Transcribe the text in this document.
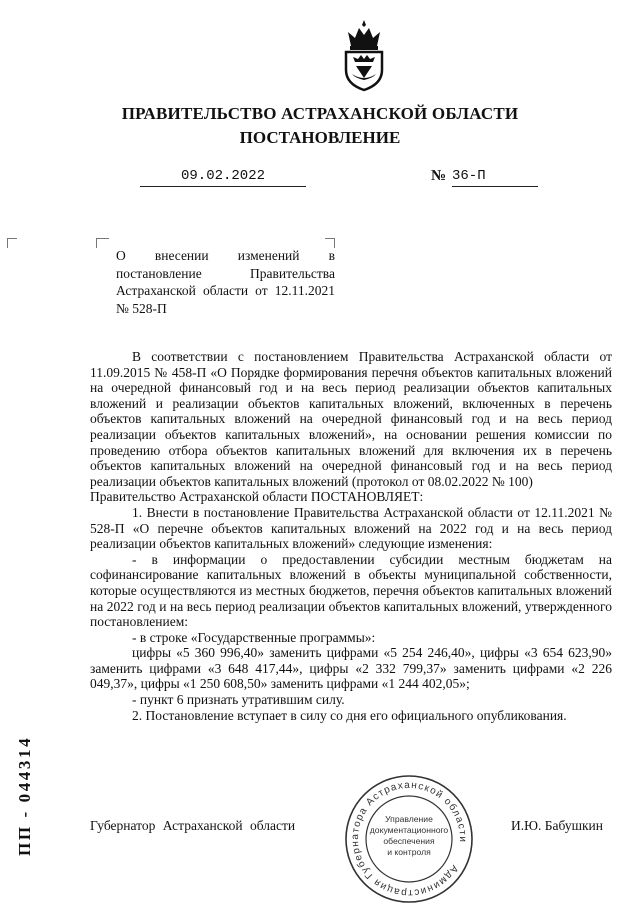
ПРАВИТЕЛЬСТВО АСТРАХАНСКОЙ ОБЛАСТИ
ПОСТАНОВЛЕНИЕ
09.02.2022	№ 36-П
О внесении изменений в постановление Правительства Астраханской области от 12.11.2021 № 528-П

В соответствии с постановлением Правительства Астраханской области от 11.09.2015 № 458-П «О Порядке формирования перечня объектов капитальных вложений на очередной финансовый год и на весь период реализации объектов капитальных вложений и реализации объектов капитальных вложений, включенных в перечень объектов капитальных вложений на очередной финансовый год и на весь период реализации объектов капитальных вложений», на основании решения комиссии по проведению отбора объектов капитальных вложений для включения их в перечень объектов капитальных вложений на очередной финансовый год и на весь период реализации объектов капитальных вложений (протокол от 08.02.2022 № 100)

Правительство Астраханской области ПОСТАНОВЛЯЕТ:

1. Внести в постановление Правительства Астраханской области от 12.11.2021 № 528-П «О перечне объектов капитальных вложений на 2022 год и на весь период реализации объектов капитальных вложений» следующие изменения:

- в информации о предоставлении субсидии местным бюджетам на софинансирование капитальных вложений в объекты муниципальной собственности, которые осуществляются из местных бюджетов, перечня объектов капитальных вложений на 2022 год и на весь период реализации объектов капитальных вложений, утвержденного постановлением:

- в строке «Государственные программы»:

цифры «5 360 996,40» заменить цифрами «5 254 246,40», цифры «3 654 623,90» заменить цифрами «3 648 417,44», цифры «2 332 799,37» заменить цифрами «2 226 049,37», цифры «1 250 608,50» заменить цифрами «1 244 402,05»;

- пункт 6 признать утратившим силу.

2. Постановление вступает в силу со дня его официального опубликования.

Губернатор Астраханской области	И.Ю. Бабушкин
Администрация Губернатора Астраханской области
Управление
документационного
обеспечения
и контроля
ПП - 044314
